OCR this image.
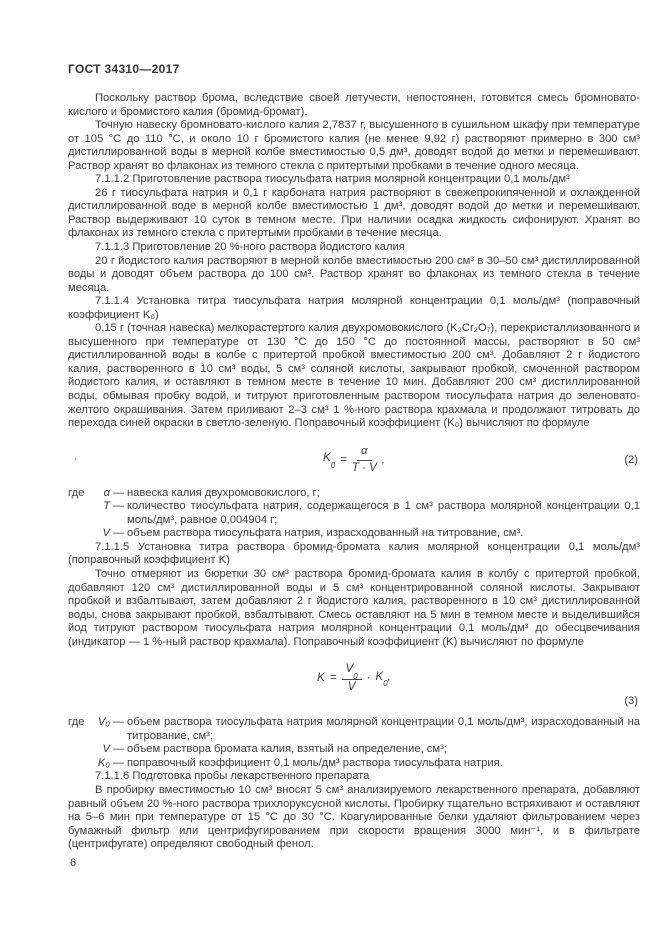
ГОСТ 34310—2017

Поскольку раствор брома, вследствие своей летучести, непостоянен, готовится смесь бромновато-кислого и бромистого калия (бромид-бромат).

Точную навеску бромновато-кислого калия 2,7837 г, высушенного в сушильном шкафу при температуре от 105 °С до 110 °С, и около 10 г бромистого калия (не менее 9,92 г) растворяют примерно в 300 см³ дистиллированной воды в мерной колбе вместимостью 0,5 дм³, доводят водой до метки и перемешивают. Раствор хранят во флаконах из темного стекла с притертыми пробками в течение одного месяца.

7.1.1.2 Приготовление раствора тиосульфата натрия молярной концентрации 0,1 моль/дм³

26 г тиосульфата натрия и 0,1 г карбоната натрия растворяют в свежепрокипяченной и охлажденной дистиллированной воде в мерной колбе вместимостью 1 дм³, доводят водой до метки и перемешивают. Раствор выдерживают 10 суток в темном месте. При наличии осадка жидкость сифонируют. Хранят во флаконах из темного стекла с притертыми пробками в течение месяца.

7.1.1.3 Приготовление 20 %-ного раствора йодистого калия

20 г йодистого калия растворяют в мерной колбе вместимостью 200 см³ в 30–50 см³ дистиллированной воды и доводят объем раствора до 100 см³. Раствор хранят во флаконах из темного стекла в течение месяца.

7.1.1.4 Установка титра тиосульфата натрия молярной концентрации 0,1 моль/дм³ (поправочный коэффициент K₀)

0,15 г (точная навеска) мелкорастертого калия двухромовокислого (K₂Cr₂O₇), перекристаллизованного и высушенного при температуре от 130 °С до 150 °С до постоянной массы, растворяют в 50 см³ дистиллированной воды в колбе с притертой пробкой вместимостью 200 см³. Добавляют 2 г йодистого калия, растворенного в 10 см³ воды, 5 см³ соляной кислоты, закрывают пробкой, смоченной раствором йодистого калия, и оставляют в темном месте в течение 10 мин. Добавляют 200 см³ дистиллированной воды, обмывая пробку водой, и титруют приготовленным раствором тиосульфата натрия до зеленовато-желтого окрашивания. Затем приливают 2–3 см³ 1 %-ного раствора крахмала и продолжают титровать до перехода синей окраски в светло-зеленую. Поправочный коэффициент (K₀) вычисляют по формуле

,	$K_0 = \frac{\alpha}{T \cdot V}$ ,	(2)
где	α — навеска калия двухромовокислого, г;
T — количество тиосульфата натрия, содержащегося в 1 см³ раствора молярной концентрации 0,1 моль/дм³, равное 0,004904 г;
V — объем раствора тиосульфата натрия, израсходованный на титрование, см³.

7.1.1.5 Установка титра раствора бромид-бромата калия молярной концентрации 0,1 моль/дм³ (поправочный коэффициент K)

Точно отмеряют из бюретки 30 см³ раствора бромид-бромата калия в колбу с притертой пробкой, добавляют 120 см³ дистиллированной воды и 5 см³ концентрированной соляной кислоты. Закрывают пробкой и взбалтывают, затем добавляют 2 г йодистого калия, растворенного в 10 см³ дистиллированной воды, снова закрывают пробкой, взбалтывают. Смесь оставляют на 5 мин в темном месте и выделившийся йод титруют раствором тиосульфата натрия молярной концентрации 0,1 моль/дм³ до обесцвечивания (индикатор — 1 %-ный раствор крахмала). Поправочный коэффициент (K) вычисляют по формуле

$K = \frac{V_0}{V} \cdot K_0$,
(3)
где	V₀ — объем раствора тиосульфата натрия молярной концентрации 0,1 моль/дм³, израсходованный на титрование, см³;
V — объем раствора бромата калия, взятый на определение, см³;
K₀ — поправочный коэффициент 0,1 моль/дм³ раствора тиосульфата натрия.

7.1.1.6 Подготовка пробы лекарственного препарата

В пробирку вместимостью 10 см³ вносят 5 см³ анализируемого лекарственного препарата, добавляют равный объем 20 %-ного раствора трихлоруксусной кислоты. Пробирку тщательно встряхивают и оставляют на 5–6 мин при температуре от 15 °С до 30 °С. Коагулированные белки удаляют фильтрованием через бумажный фильтр или центрифугированием при скорости вращения 3000 мин⁻¹, и в фильтрате (центрифугате) определяют свободный фенол.

6
